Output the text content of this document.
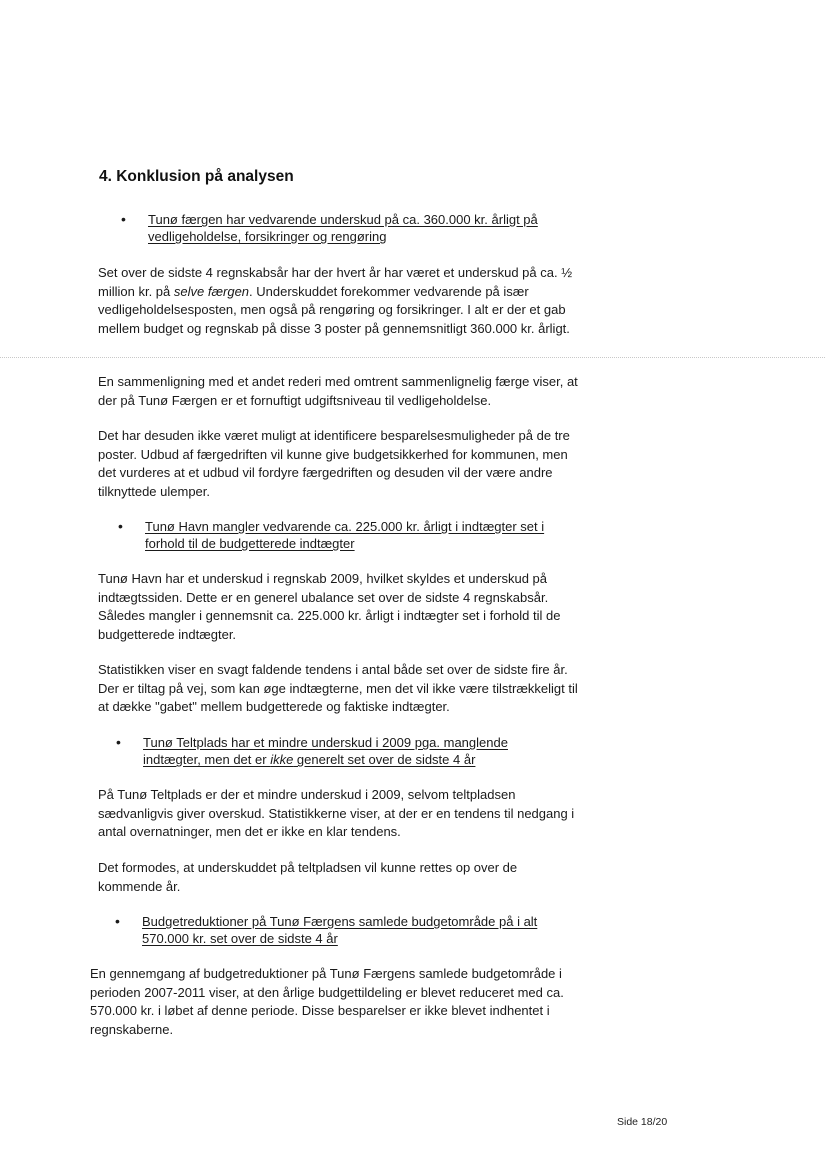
4. Konklusion på analysen
• Tunø færgen har vedvarende underskud på ca. 360.000 kr. årligt på vedligeholdelse, forsikringer og rengøring

Set over de sidste 4 regnskabsår har der hvert år har været et underskud på ca. ½ million kr. på selve færgen. Underskuddet forekommer vedvarende på især vedligeholdelsesposten, men også på rengøring og forsikringer. I alt er der et gab mellem budget og regnskab på disse 3 poster på gennemsnitligt 360.000 kr. årligt.

En sammenligning med et andet rederi med omtrent sammenlignelig færge viser, at der på Tunø Færgen er et fornuftigt udgiftsniveau til vedligeholdelse.

Det har desuden ikke været muligt at identificere besparelsesmuligheder på de tre poster. Udbud af færgedriften vil kunne give budgetsikkerhed for kommunen, men det vurderes at et udbud vil fordyre færgedriften og desuden vil der være andre tilknyttede ulemper.

• Tunø Havn mangler vedvarende ca. 225.000 kr. årligt i indtægter set i forhold til de budgetterede indtægter

Tunø Havn har et underskud i regnskab 2009, hvilket skyldes et underskud på indtægtssiden. Dette er en generel ubalance set over de sidste 4 regnskabsår. Således mangler i gennemsnit ca. 225.000 kr. årligt i indtægter set i forhold til de budgetterede indtægter.

Statistikken viser en svagt faldende tendens i antal både set over de sidste fire år. Der er tiltag på vej, som kan øge indtægterne, men det vil ikke være tilstrækkeligt til at dække "gabet" mellem budgetterede og faktiske indtægter.

• Tunø Teltplads har et mindre underskud i 2009 pga. manglende indtægter, men det er ikke generelt set over de sidste 4 år

På Tunø Teltplads er der et mindre underskud i 2009, selvom teltpladsen sædvanligvis giver overskud. Statistikkerne viser, at der er en tendens til nedgang i antal overnatninger, men det er ikke en klar tendens.

Det formodes, at underskuddet på teltpladsen vil kunne rettes op over de kommende år.

• Budgetreduktioner på Tunø Færgens samlede budgetområde på i alt 570.000 kr. set over de sidste 4 år

En gennemgang af budgetreduktioner på Tunø Færgens samlede budgetområde i perioden 2007-2011 viser, at den årlige budgettildeling er blevet reduceret med ca. 570.000 kr. i løbet af denne periode. Disse besparelser er ikke blevet indhentet i regnskaberne.

Side 18/20
